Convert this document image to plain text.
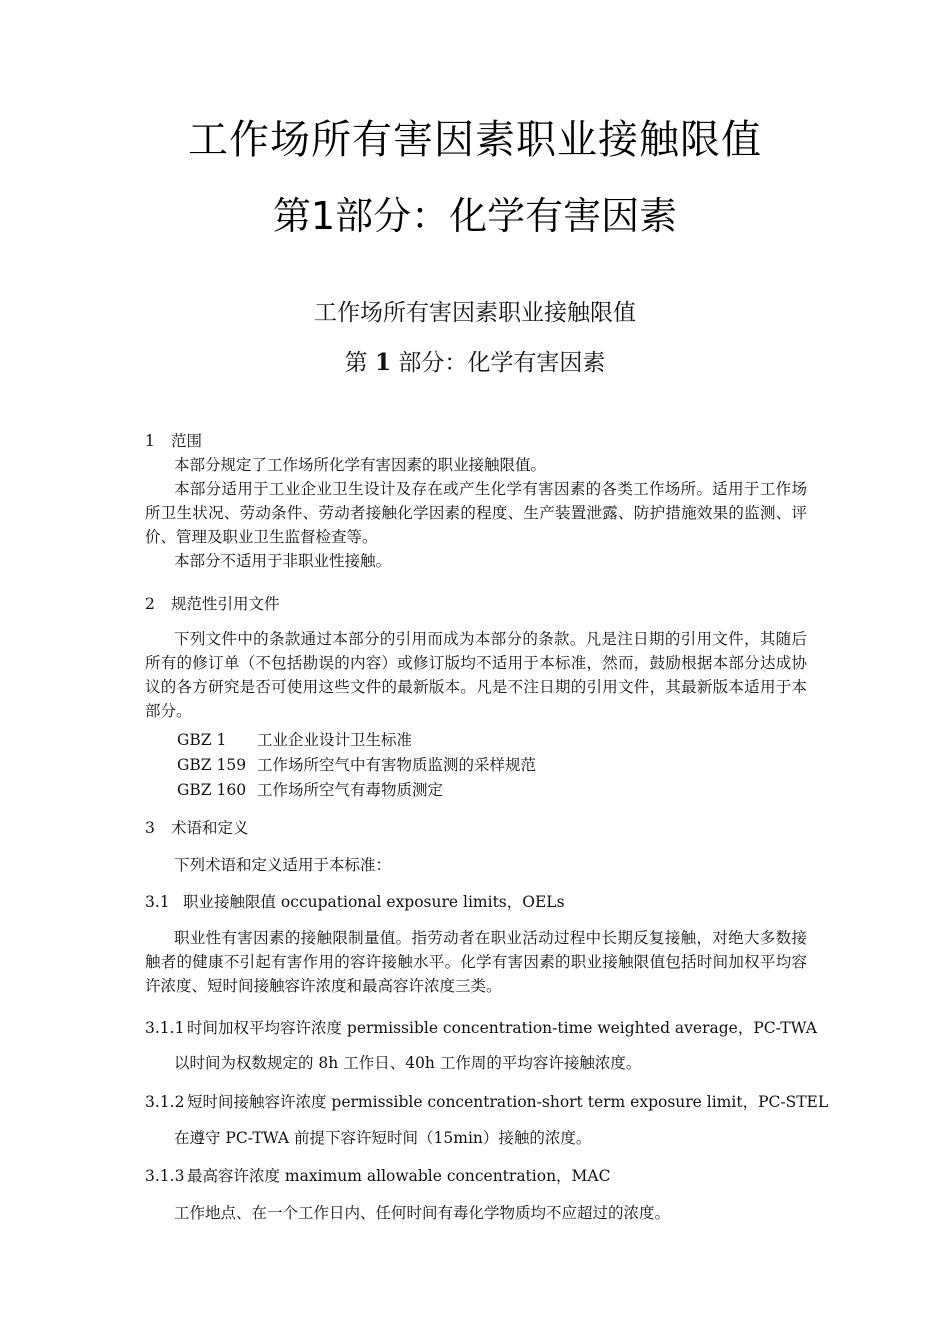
工作场所有害因素职业接触限值
第1部分：化学有害因素
工作场所有害因素职业接触限值
第 1 部分：化学有害因素
1 范围

本部分规定了工作场所化学有害因素的职业接触限值。

本部分适用于工业企业卫生设计及存在或产生化学有害因素的各类工作场所。适用于工作场所卫生状况、劳动条件、劳动者接触化学因素的程度、生产装置泄露、防护措施效果的监测、评价、管理及职业卫生监督检查等。

本部分不适用于非职业性接触。

2 规范性引用文件

下列文件中的条款通过本部分的引用而成为本部分的条款。凡是注日期的引用文件，其随后所有的修订单（不包括勘误的内容）或修订版均不适用于本标准，然而，鼓励根据本部分达成协议的各方研究是否可使用这些文件的最新版本。凡是不注日期的引用文件，其最新版本适用于本部分。

GBZ 1 工业企业设计卫生标准
GBZ 159 工作场所空气中有害物质监测的采样规范
GBZ 160 工作场所空气有毒物质测定
3 术语和定义
下列术语和定义适用于本标准：
3.1 职业接触限值 occupational exposure limits，OELs

职业性有害因素的接触限制量值。指劳动者在职业活动过程中长期反复接触，对绝大多数接触者的健康不引起有害作用的容许接触水平。化学有害因素的职业接触限值包括时间加权平均容许浓度、短时间接触容许浓度和最高容许浓度三类。

3.1.1 时间加权平均容许浓度 permissible concentration-time weighted average，PC-TWA
以时间为权数规定的 8h 工作日、40h 工作周的平均容许接触浓度。
3.1.2 短时间接触容许浓度 permissible concentration-short term exposure limit，PC-STEL
在遵守 PC-TWA 前提下容许短时间（15min）接触的浓度。
3.1.3 最高容许浓度 maximum allowable concentration，MAC
工作地点、在一个工作日内、任何时间有毒化学物质均不应超过的浓度。
